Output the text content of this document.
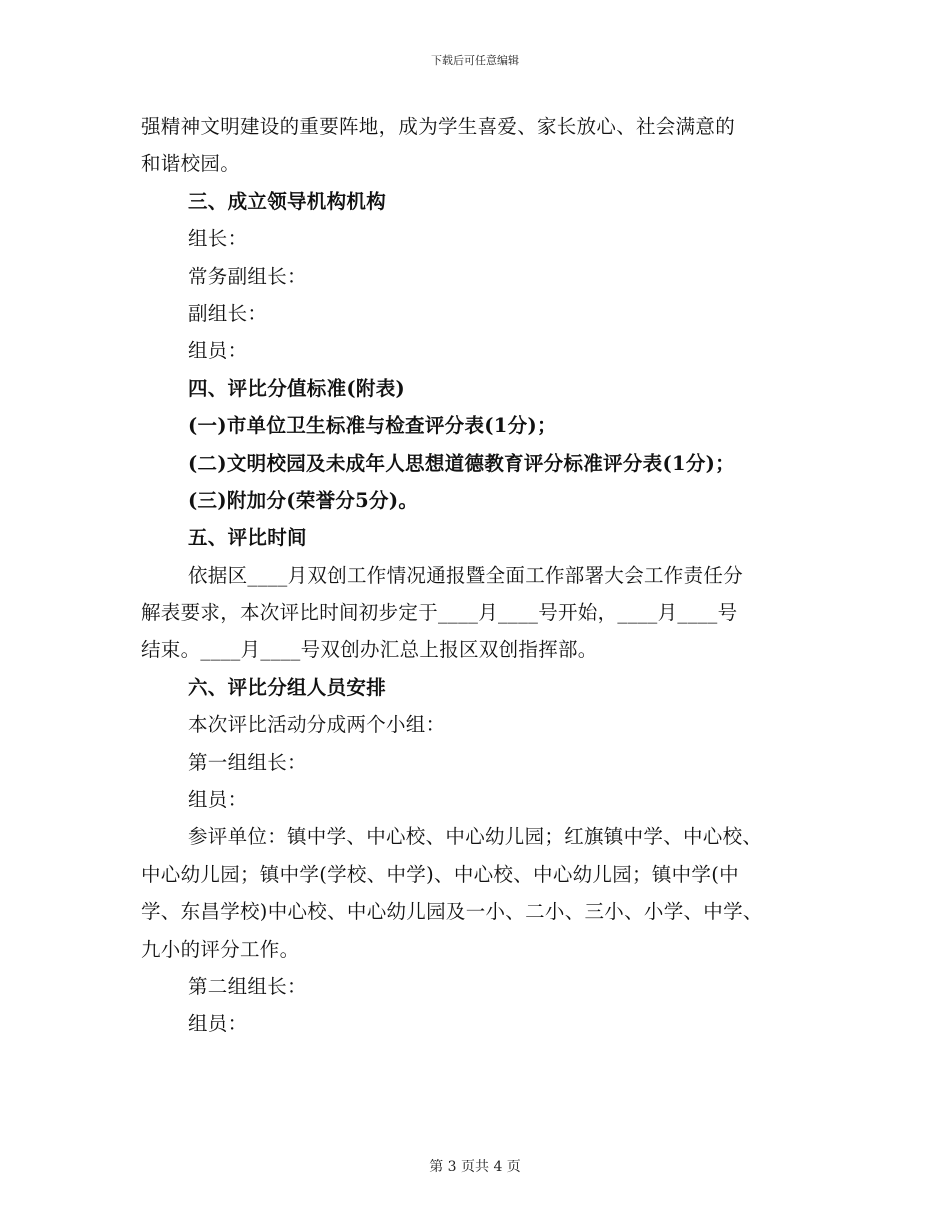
下载后可任意编辑
强精神文明建设的重要阵地，成为学生喜爱、家长放心、社会满意的
和谐校园。
三、成立领导机构机构
组长：
常务副组长：
副组长：
组员：
四、评比分值标准(附表)
(一)市单位卫生标准与检查评分表(1分)；
(二)文明校园及未成年人思想道德教育评分标准评分表(1分)；
(三)附加分(荣誉分5分)。
五、评比时间
依据区____月双创工作情况通报暨全面工作部署大会工作责任分
解表要求，本次评比时间初步定于____月____号开始，____月____号
结束。____月____号双创办汇总上报区双创指挥部。
六、评比分组人员安排
本次评比活动分成两个小组：
第一组组长：
组员：
参评单位：镇中学、中心校、中心幼儿园；红旗镇中学、中心校、
中心幼儿园；镇中学(学校、中学)、中心校、中心幼儿园；镇中学(中
学、东昌学校)中心校、中心幼儿园及一小、二小、三小、小学、中学、
九小的评分工作。
第二组组长：
组员：
第 3 页共 4 页
